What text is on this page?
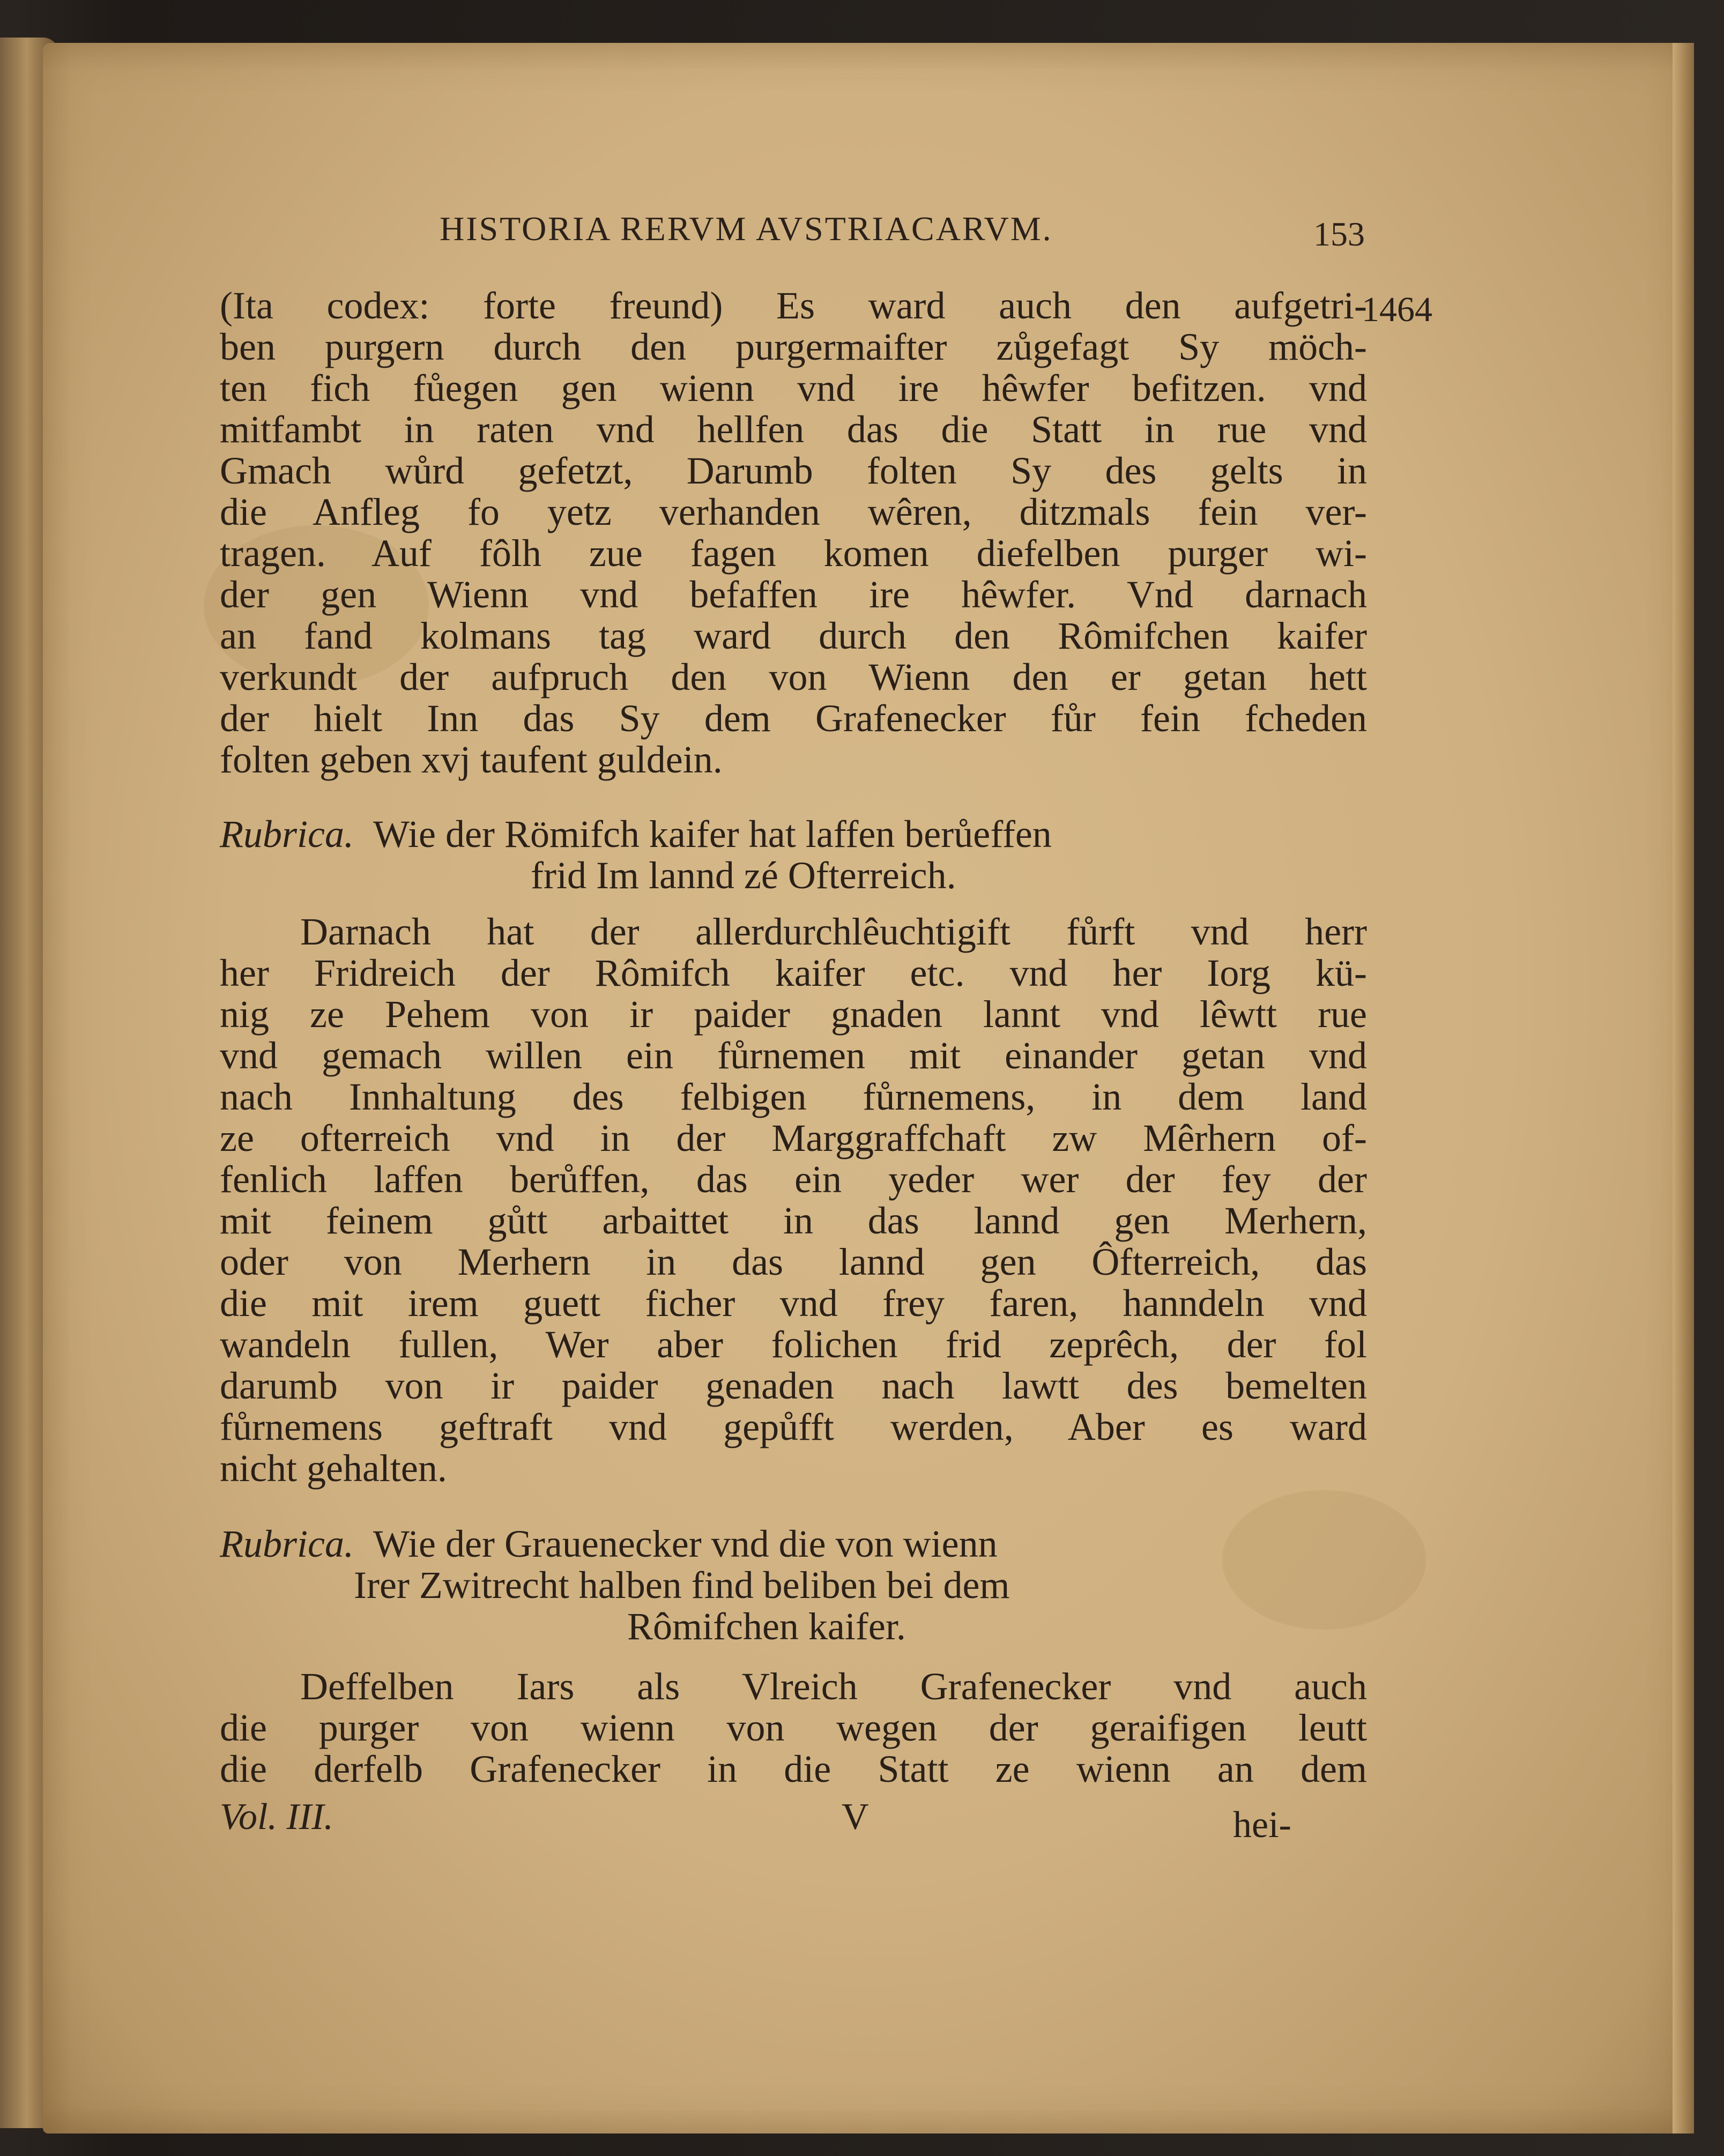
HISTORIA RERVM AVSTRIACARVM.	153
1464

(Ita codex: forte freund) Es ward auch den aufgetri-

ben purgern durch den purgermaifter zůgefagt Sy möch-

ten fich fůegen gen wienn vnd ire hêwfer befitzen. vnd

mitfambt in raten vnd hellfen das die Statt in rue vnd

Gmach wůrd gefetzt, Darumb folten Sy des gelts in

die Anfleg fo yetz verhanden wêren, ditzmals fein ver-

tragen. Auf fôlh zue fagen komen diefelben purger wi-

der gen Wienn vnd befaffen ire hêwfer. Vnd darnach

an fand kolmans tag ward durch den Rômifchen kaifer

verkundt der aufpruch den von Wienn den er getan hett

der hielt Inn das Sy dem Grafenecker fůr fein fcheden

folten geben xvj taufent guldein.

Rubrica. Wie der Römifch kaifer hat laffen berůeffen

frid Im lannd zé Ofterreich.

Darnach hat der allerdurchlêuchtigift fůrft vnd herr

her Fridreich der Rômifch kaifer etc. vnd her Iorg kü-

nig ze Pehem von ir paider gnaden lannt vnd lêwtt rue

vnd gemach willen ein fůrnemen mit einander getan vnd

nach Innhaltung des felbigen fůrnemens, in dem land

ze ofterreich vnd in der Marggraffchaft zw Mêrhern of-

fenlich laffen berůffen, das ein yeder wer der fey der

mit feinem gůtt arbaittet in das lannd gen Merhern,

oder von Merhern in das lannd gen Ôfterreich, das

die mit irem guett ficher vnd frey faren, hanndeln vnd

wandeln fullen, Wer aber folichen frid zeprêch, der fol

darumb von ir paider genaden nach lawtt des bemelten

fůrnemens geftraft vnd gepůfft werden, Aber es ward

nicht gehalten.

Rubrica. Wie der Grauenecker vnd die von wienn

Irer Zwitrecht halben find beliben bei dem

Rômifchen kaifer.

Deffelben Iars als Vlreich Grafenecker vnd auch

die purger von wienn von wegen der geraifigen leutt

die derfelb Grafenecker in die Statt ze wienn an dem

Vol. III.	V	hei-
